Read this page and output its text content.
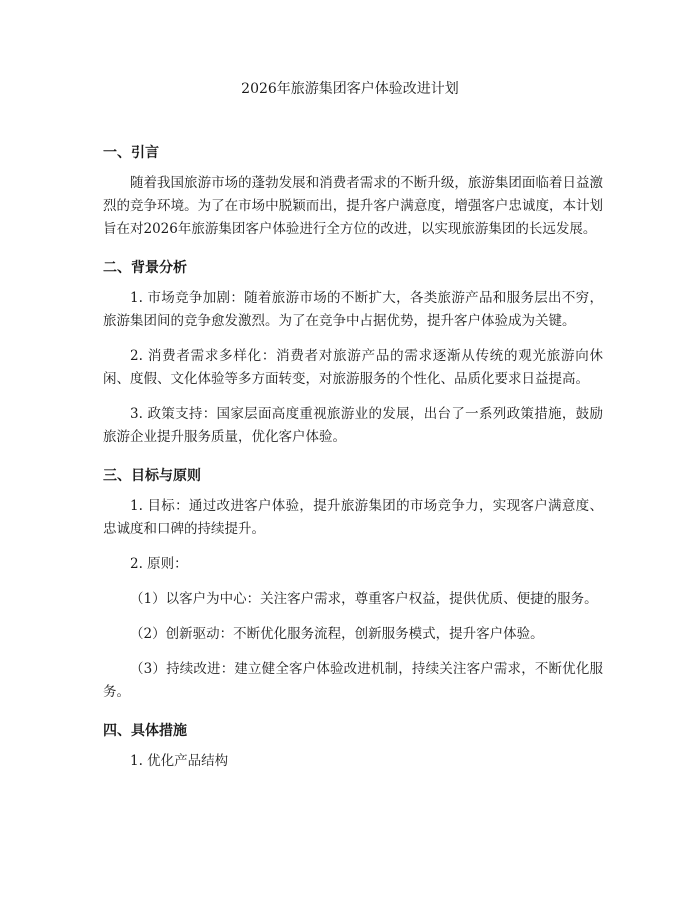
2026年旅游集团客户体验改进计划
一、引言

随着我国旅游市场的蓬勃发展和消费者需求的不断升级，旅游集团面临着日益激烈的竞争环境。为了在市场中脱颖而出，提升客户满意度，增强客户忠诚度，本计划旨在对2026年旅游集团客户体验进行全方位的改进，以实现旅游集团的长远发展。

二、背景分析

1. 市场竞争加剧：随着旅游市场的不断扩大，各类旅游产品和服务层出不穷，旅游集团间的竞争愈发激烈。为了在竞争中占据优势，提升客户体验成为关键。

2. 消费者需求多样化：消费者对旅游产品的需求逐渐从传统的观光旅游向休闲、度假、文化体验等多方面转变，对旅游服务的个性化、品质化要求日益提高。

3. 政策支持：国家层面高度重视旅游业的发展，出台了一系列政策措施，鼓励旅游企业提升服务质量，优化客户体验。

三、目标与原则

1. 目标：通过改进客户体验，提升旅游集团的市场竞争力，实现客户满意度、忠诚度和口碑的持续提升。

2. 原则：

（1）以客户为中心：关注客户需求，尊重客户权益，提供优质、便捷的服务。

（2）创新驱动：不断优化服务流程，创新服务模式，提升客户体验。

（3）持续改进：建立健全客户体验改进机制，持续关注客户需求，不断优化服务。

四、具体措施

1. 优化产品结构
